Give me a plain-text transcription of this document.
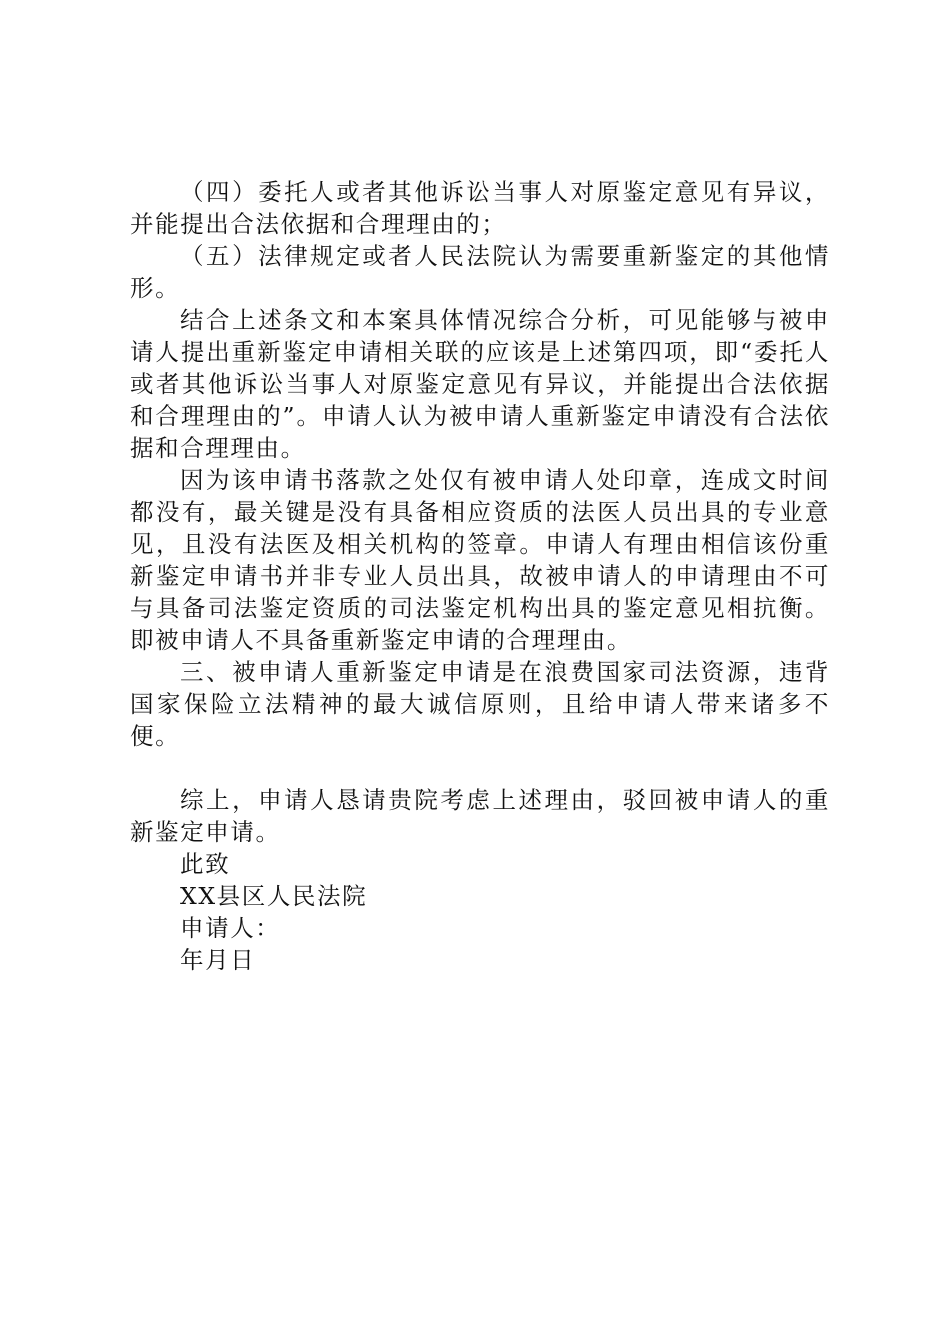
（四）委托人或者其他诉讼当事人对原鉴定意见有异议，并能提出合法依据和合理理由的；

（五）法律规定或者人民法院认为需要重新鉴定的其他情形。

结合上述条文和本案具体情况综合分析，可见能够与被申请人提出重新鉴定申请相关联的应该是上述第四项，即“委托人或者其他诉讼当事人对原鉴定意见有异议，并能提出合法依据和合理理由的”。申请人认为被申请人重新鉴定申请没有合法依据和合理理由。

因为该申请书落款之处仅有被申请人处印章，连成文时间都没有，最关键是没有具备相应资质的法医人员出具的专业意见，且没有法医及相关机构的签章。申请人有理由相信该份重新鉴定申请书并非专业人员出具，故被申请人的申请理由不可与具备司法鉴定资质的司法鉴定机构出具的鉴定意见相抗衡。即被申请人不具备重新鉴定申请的合理理由。

三、被申请人重新鉴定申请是在浪费国家司法资源，违背国家保险立法精神的最大诚信原则，且给申请人带来诸多不便。

综上，申请人恳请贵院考虑上述理由，驳回被申请人的重新鉴定申请。

此致

XX县区人民法院

申请人：

年月日
